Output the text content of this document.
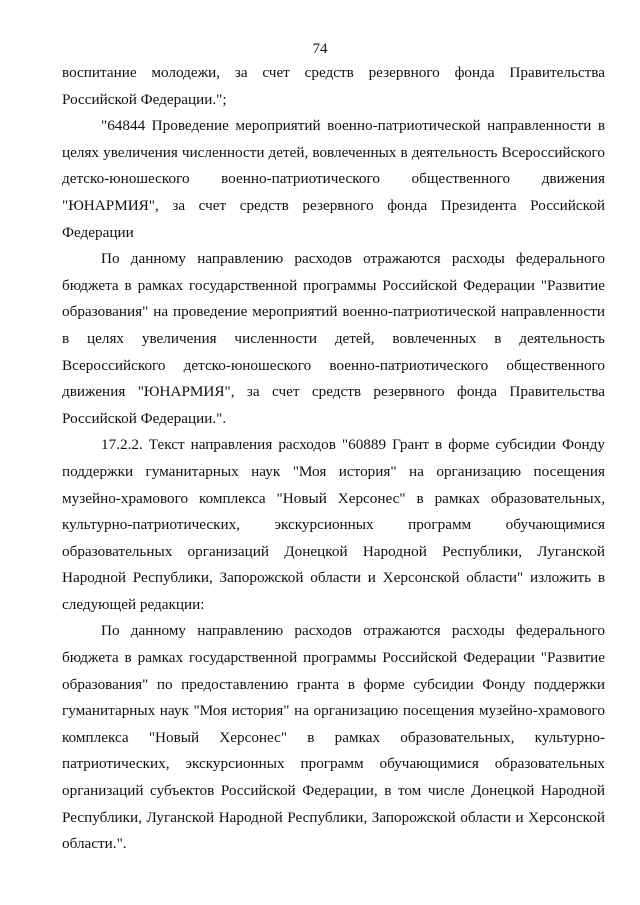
74

воспитание молодежи, за счет средств резервного фонда Правительства Российской Федерации.";

"64844 Проведение мероприятий военно-патриотической направленности в целях увеличения численности детей, вовлеченных в деятельность Всероссийского детско-юношеского военно-патриотического общественного движения "ЮНАРМИЯ", за счет средств резервного фонда Президента Российской Федерации

По данному направлению расходов отражаются расходы федерального бюджета в рамках государственной программы Российской Федерации "Развитие образования" на проведение мероприятий военно-патриотической направленности в целях увеличения численности детей, вовлеченных в деятельность Всероссийского детско-юношеского военно-патриотического общественного движения "ЮНАРМИЯ", за счет средств резервного фонда Правительства Российской Федерации.".

17.2.2. Текст направления расходов "60889 Грант в форме субсидии Фонду поддержки гуманитарных наук "Моя история" на организацию посещения музейно-храмового комплекса "Новый Херсонес" в рамках образовательных, культурно-патриотических, экскурсионных программ обучающимися образовательных организаций Донецкой Народной Республики, Луганской Народной Республики, Запорожской области и Херсонской области" изложить в следующей редакции:

По данному направлению расходов отражаются расходы федерального бюджета в рамках государственной программы Российской Федерации "Развитие образования" по предоставлению гранта в форме субсидии Фонду поддержки гуманитарных наук "Моя история" на организацию посещения музейно-храмового комплекса "Новый Херсонес" в рамках образовательных, культурно-патриотических, экскурсионных программ обучающимися образовательных организаций субъектов Российской Федерации, в том числе Донецкой Народной Республики, Луганской Народной Республики, Запорожской области и Херсонской области.".
